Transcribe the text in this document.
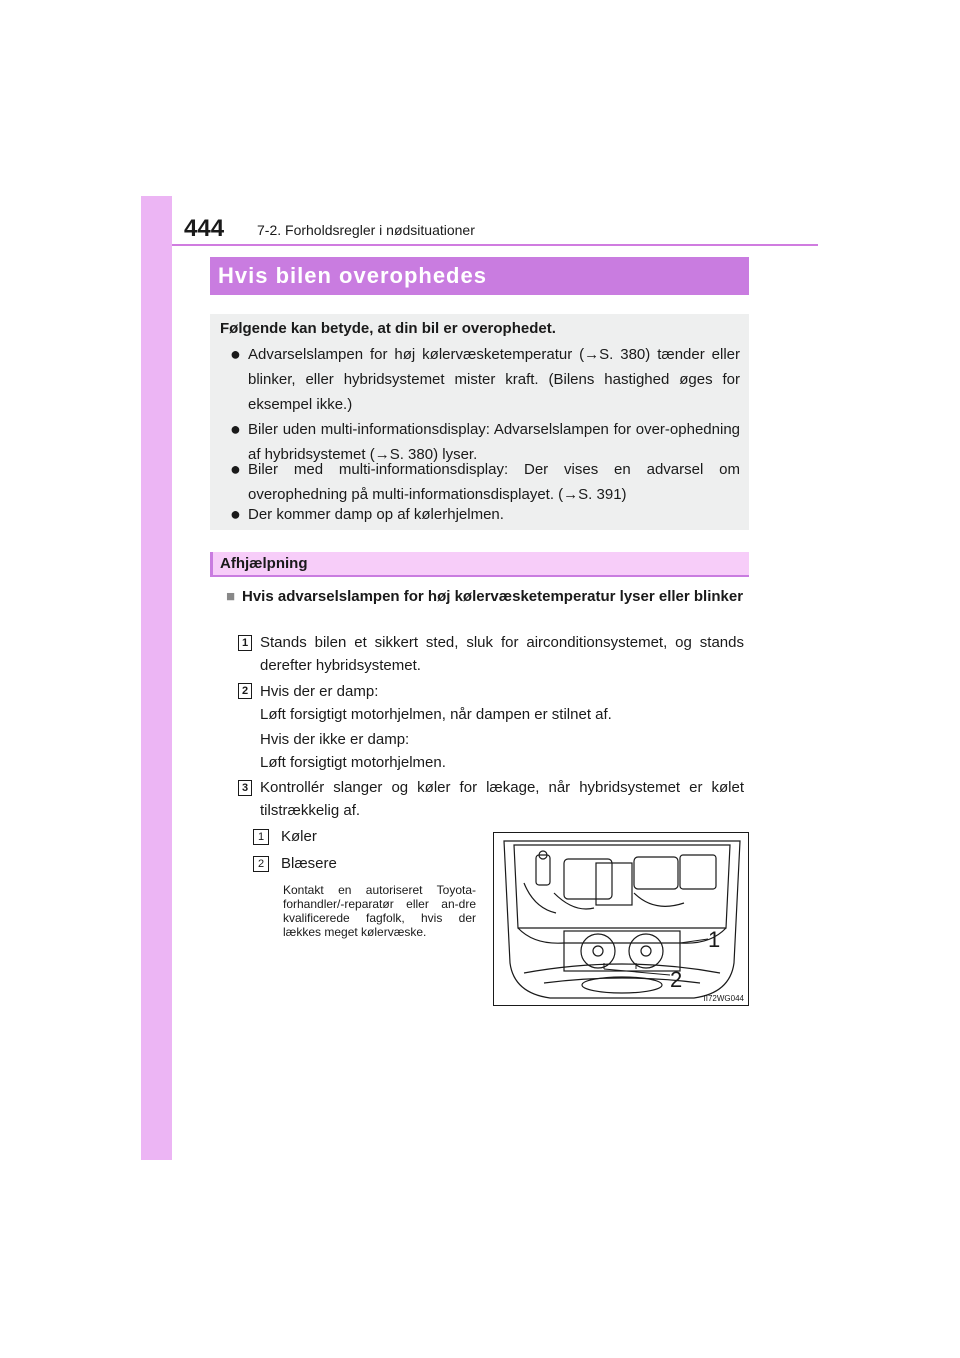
444 7-2. Forholdsregler i nødsituationer
Hvis bilen overophedes
Følgende kan betyde, at din bil er overophedet.
● Advarselslampen for høj kølervæsketemperatur (→S. 380) tænder eller blinker, eller hybridsystemet mister kraft. (Bilens hastighed øges for eksempel ikke.)
● Biler uden multi-informationsdisplay: Advarselslampen for over-ophedning af hybridsystemet (→S. 380) lyser.
● Biler med multi-informationsdisplay: Der vises en advarsel om overophedning på multi-informationsdisplayet. (→S. 391)
● Der kommer damp op af kølerhjelmen.
Afhjælpning
■ Hvis advarselslampen for høj kølervæsketemperatur lyser eller blinker
1 Stands bilen et sikkert sted, sluk for airconditionsystemet, og stands derefter hybridsystemet.
2 Hvis der er damp:
Løft forsigtigt motorhjelmen, når dampen er stilnet af.
Hvis der ikke er damp:
Løft forsigtigt motorhjelmen.
3 Kontrollér slanger og køler for lækage, når hybridsystemet er kølet tilstrækkelig af.
1	Køler
2	Blæsere
Kontakt en autoriseret Toyota-forhandler/-reparatør eller an-dre kvalificerede fagfolk, hvis der lækkes meget kølervæske.	1
2
II72WG044
